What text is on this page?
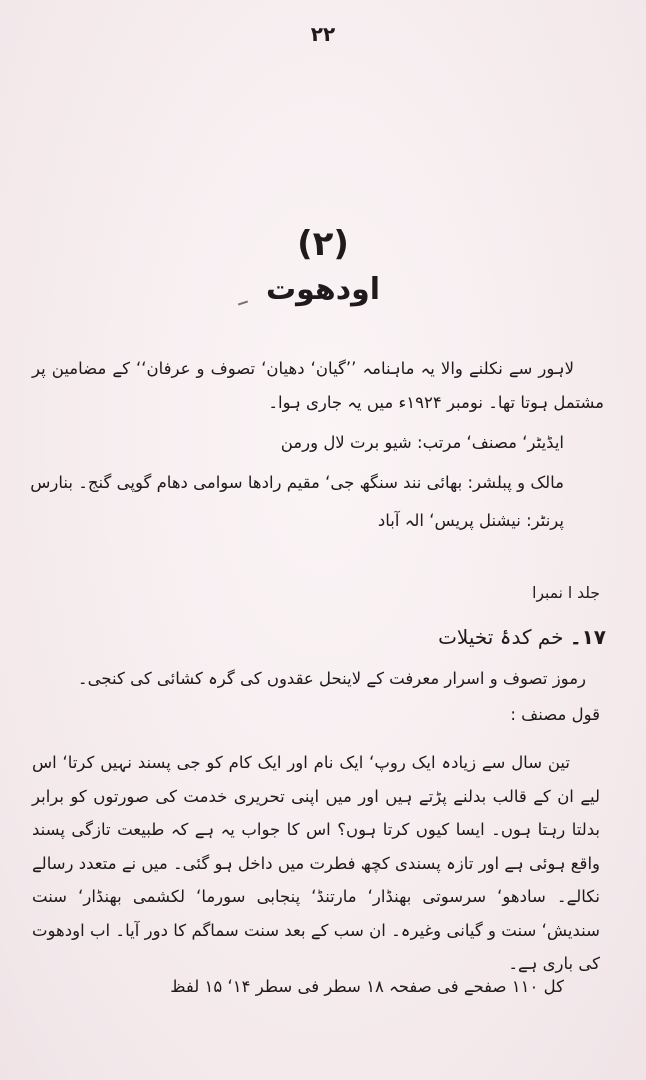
۲۲
(۲)
اودھوت
لاہور سے نکلنے والا یہ ماہنامہ ’’گیان‘ دھیان‘ تصوف و عرفان‘‘ کے مضامین پر مشتمل ہوتا تھا۔ نومبر ۱۹۲۴ء میں یہ جاری ہوا۔
ایڈیٹر‘ مصنف‘ مرتب: شیو برت لال ورمن
مالک و پبلشر: بھائی نند سنگھ جی‘ مقیم رادھا سوامی دھام گوپی گنج۔ بنارس
پرنٹر: نیشنل پریس‘ الہ آباد
جلد ا نمبرا
۱۷۔ خم کدۂ تخیلات
رموز تصوف و اسرار معرفت کے لاینحل عقدوں کی گرہ کشائی کی کنجی۔
قول مصنف :
تین سال سے زیادہ ایک روپ‘ ایک نام اور ایک کام کو جی پسند نہیں کرتا‘ اس لیے ان کے قالب بدلنے پڑتے ہیں اور میں اپنی تحریری خدمت کی صورتوں کو برابر بدلتا رہتا ہوں۔ ایسا کیوں کرتا ہوں؟ اس کا جواب یہ ہے کہ طبیعت تازگی پسند واقع ہوئی ہے اور تازہ پسندی کچھ فطرت میں داخل ہو گئی۔ میں نے متعدد رسالے نکالے۔ سادھو‘ سرسوتی بھنڈار‘ مارتنڈ‘ پنجابی سورما‘ لکشمی بھنڈار‘ سنت سندیش‘ سنت و گیانی وغیرہ۔ ان سب کے بعد سنت سماگم کا دور آیا۔ اب اودھوت کی باری ہے۔
کل ۱۱۰ صفحے فی صفحہ ۱۸ سطر فی سطر ۱۴‘ ۱۵ لفظ
